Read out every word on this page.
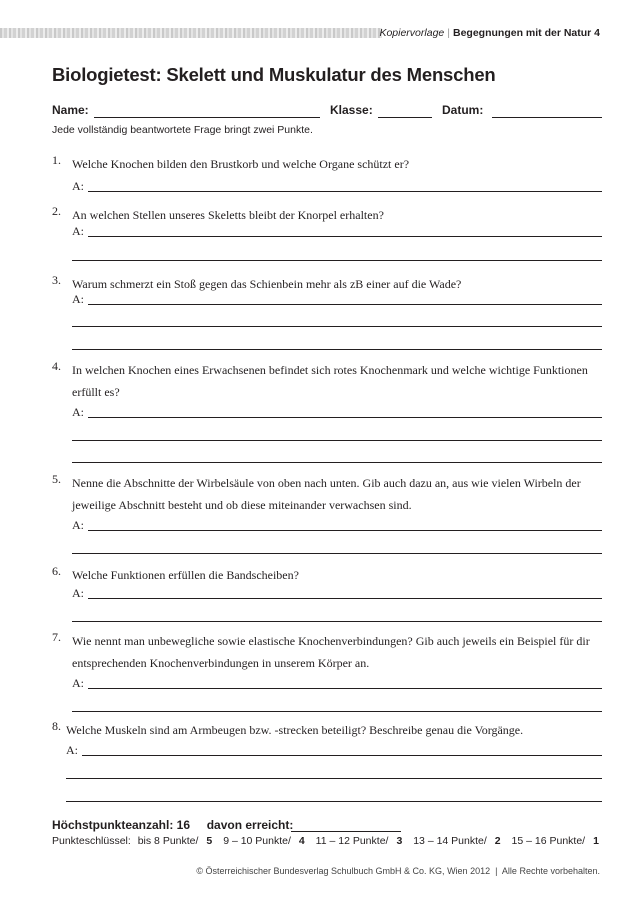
Kopiervorlage | Begegnungen mit der Natur 4
Biologietest: Skelett und Muskulatur des Menschen
Name:	Klasse:	Datum:
Jede vollständig beantwortete Frage bringt zwei Punkte.
1. Welche Knochen bilden den Brustkorb und welche Organe schützt er?
A:
2. An welchen Stellen unseres Skeletts bleibt der Knorpel erhalten?
A:
3. Warum schmerzt ein Stoß gegen das Schienbein mehr als zB einer auf die Wade?
A:
4. In welchen Knochen eines Erwachsenen befindet sich rotes Knochenmark und welche wichtige Funktionen erfüllt es?
A:
5. Nenne die Abschnitte der Wirbelsäule von oben nach unten. Gib auch dazu an, aus wie vielen Wirbeln der jeweilige Abschnitt besteht und ob diese miteinander verwachsen sind.
A:
6. Welche Funktionen erfüllen die Bandscheiben?
A:
7. Wie nennt man unbewegliche sowie elastische Knochenverbindungen? Gib auch jeweils ein Beispiel für dir entsprechenden Knochenverbindungen in unserem Körper an.
A:
8. Welche Muskeln sind am Armbeugen bzw. -strecken beteiligt? Beschreibe genau die Vorgänge.
A:
Höchstpunkteanzahl: 16     davon erreicht:
Punkteschlüssel: bis 8 Punkte/ 5 9 – 10 Punkte/ 4 11 – 12 Punkte/ 3 13 – 14 Punkte/ 2 15 – 16 Punkte/ 1
© Österreichischer Bundesverlag Schulbuch GmbH & Co. KG, Wien 2012  |  Alle Rechte vorbehalten.
